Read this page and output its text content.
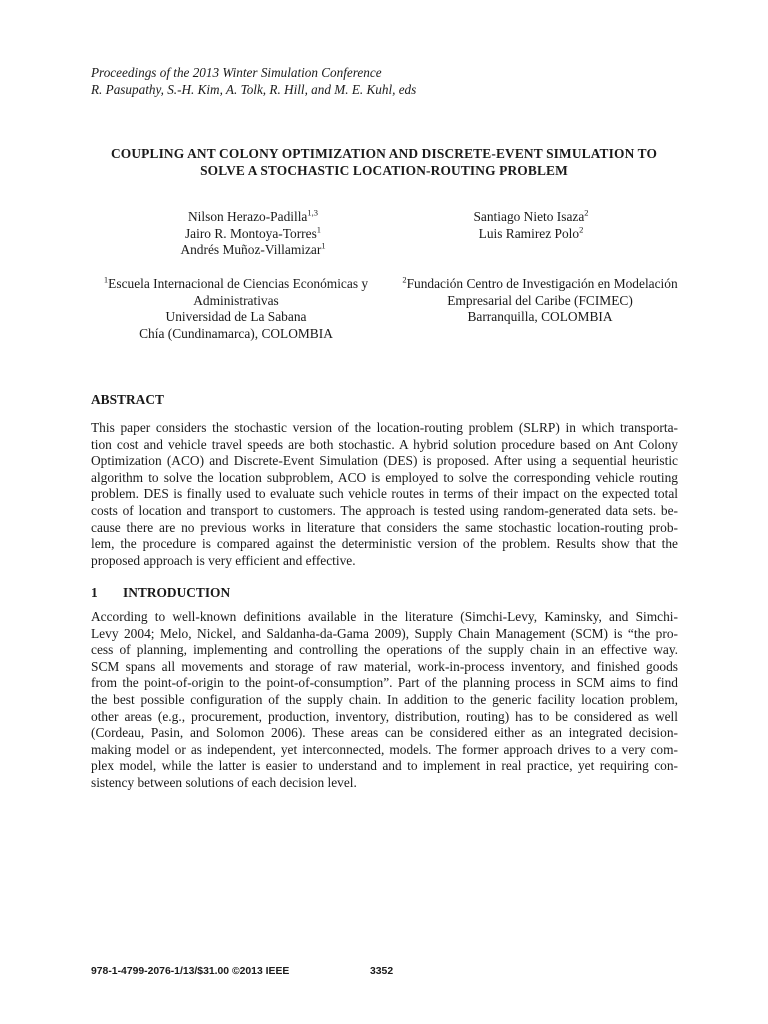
Proceedings of the 2013 Winter Simulation Conference
R. Pasupathy, S.-H. Kim, A. Tolk, R. Hill, and M. E. Kuhl, eds
COUPLING ANT COLONY OPTIMIZATION AND DISCRETE-EVENT SIMULATION TO
SOLVE A STOCHASTIC LOCATION-ROUTING PROBLEM
Nilson Herazo-Padilla$^{1,3}$
Jairo R. Montoya-Torres$^1$
Andrés Muñoz-Villamizar$^1$
Santiago Nieto Isaza$^2$
Luis Ramirez Polo$^2$
$^1$Escuela Internacional de Ciencias Económicas y
Administrativas
Universidad de La Sabana
Chía (Cundinamarca), COLOMBIA
$^2$Fundación Centro de Investigación en Modelación
Empresarial del Caribe (FCIMEC)
Barranquilla, COLOMBIA
ABSTRACT
This paper considers the stochastic version of the location-routing problem (SLRP) in which transporta-
tion cost and vehicle travel speeds are both stochastic. A hybrid solution procedure based on Ant Colony
Optimization (ACO) and Discrete-Event Simulation (DES) is proposed. After using a sequential heuristic
algorithm to solve the location subproblem, ACO is employed to solve the corresponding vehicle routing
problem. DES is finally used to evaluate such vehicle routes in terms of their impact on the expected total
costs of location and transport to customers. The approach is tested using random-generated data sets. be-
cause there are no previous works in literature that considers the same stochastic location-routing prob-
lem, the procedure is compared against the deterministic version of the problem. Results show that the
proposed approach is very efficient and effective.
1 INTRODUCTION
According to well-known definitions available in the literature (Simchi-Levy, Kaminsky, and Simchi-
Levy 2004; Melo, Nickel, and Saldanha-da-Gama 2009), Supply Chain Management (SCM) is “the pro-
cess of planning, implementing and controlling the operations of the supply chain in an effective way.
SCM spans all movements and storage of raw material, work-in-process inventory, and finished goods
from the point-of-origin to the point-of-consumption”. Part of the planning process in SCM aims to find
the best possible configuration of the supply chain. In addition to the generic facility location problem,
other areas (e.g., procurement, production, inventory, distribution, routing) has to be considered as well
(Cordeau, Pasin, and Solomon 2006). These areas can be considered either as an integrated decision-
making model or as independent, yet interconnected, models. The former approach drives to a very com-
plex model, while the latter is easier to understand and to implement in real practice, yet requiring con-
sistency between solutions of each decision level.
978-1-4799-2076-1/13/$31.00 ©2013 IEEE	3352
